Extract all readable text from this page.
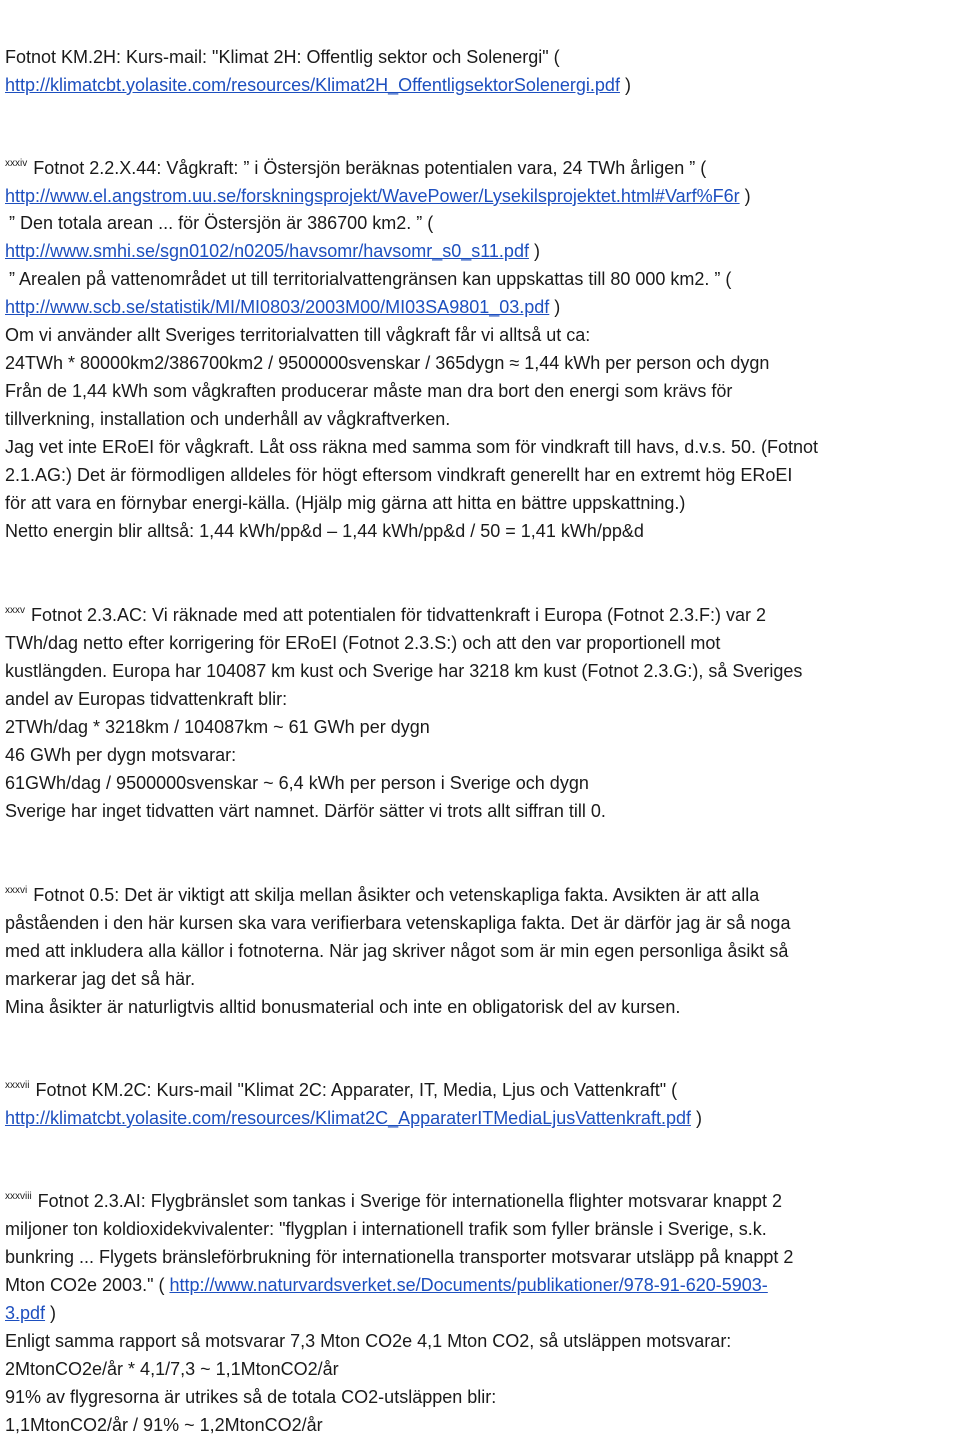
Fotnot KM.2H: Kurs-mail: "Klimat 2H: Offentlig sektor och Solenergi" (
http://klimatcbt.yolasite.com/resources/Klimat2H_OffentligsektorSolenergi.pdf )
$^{xxxiv}$ Fotnot 2.2.X.44: Vågkraft: ” i Östersjön beräknas potentialen vara, 24 TWh årligen ” (
http://www.el.angstrom.uu.se/forskningsprojekt/WavePower/Lysekilsprojektet.html#Varf%F6r )
” Den totala arean ... för Östersjön är 386700 km2. ” (
http://www.smhi.se/sgn0102/n0205/havsomr/havsomr_s0_s11.pdf )
” Arealen på vattenområdet ut till territorialvattengränsen kan uppskattas till 80 000 km2. ” (
http://www.scb.se/statistik/MI/MI0803/2003M00/MI03SA9801_03.pdf )
Om vi använder allt Sveriges territorialvatten till vågkraft får vi alltså ut ca:
24TWh * 80000km2/386700km2 / 9500000svenskar / 365dygn ≈ 1,44 kWh per person och dygn
Från de 1,44 kWh som vågkraften producerar måste man dra bort den energi som krävs för
tillverkning, installation och underhåll av vågkraftverken.
Jag vet inte ERoEI för vågkraft. Låt oss räkna med samma som för vindkraft till havs, d.v.s. 50. (Fotnot
2.1.AG:) Det är förmodligen alldeles för högt eftersom vindkraft generellt har en extremt hög ERoEI
för att vara en förnybar energi-källa. (Hjälp mig gärna att hitta en bättre uppskattning.)
Netto energin blir alltså: 1,44 kWh/pp&d – 1,44 kWh/pp&d / 50 = 1,41 kWh/pp&d
$^{xxxv}$ Fotnot 2.3.AC: Vi räknade med att potentialen för tidvattenkraft i Europa (Fotnot 2.3.F:) var 2
TWh/dag netto efter korrigering för ERoEI (Fotnot 2.3.S:) och att den var proportionell mot
kustlängden. Europa har 104087 km kust och Sverige har 3218 km kust (Fotnot 2.3.G:), så Sveriges
andel av Europas tidvattenkraft blir:
2TWh/dag * 3218km / 104087km ~ 61 GWh per dygn
46 GWh per dygn motsvarar:
61GWh/dag / 9500000svenskar ~ 6,4 kWh per person i Sverige och dygn
Sverige har inget tidvatten värt namnet. Därför sätter vi trots allt siffran till 0.
$^{xxxvi}$ Fotnot 0.5: Det är viktigt att skilja mellan åsikter och vetenskapliga fakta. Avsikten är att alla
påståenden i den här kursen ska vara verifierbara vetenskapliga fakta. Det är därför jag är så noga
med att inkludera alla källor i fotnoterna. När jag skriver något som är min egen personliga åsikt så
markerar jag det så här.
Mina åsikter är naturligtvis alltid bonusmaterial och inte en obligatorisk del av kursen.
$^{xxxvii}$ Fotnot KM.2C: Kurs-mail "Klimat 2C: Apparater, IT, Media, Ljus och Vattenkraft" (
http://klimatcbt.yolasite.com/resources/Klimat2C_ApparaterITMediaLjusVattenkraft.pdf )
$^{xxxviii}$ Fotnot 2.3.AI: Flygbränslet som tankas i Sverige för internationella flighter motsvarar knappt 2
miljoner ton koldioxidekvivalenter: "flygplan i internationell trafik som fyller bränsle i Sverige, s.k.
bunkring ... Flygets bränsleförbrukning för internationella transporter motsvarar utsläpp på knappt 2
Mton CO2e 2003." ( http://www.naturvardsverket.se/Documents/publikationer/978-91-620-5903-
3.pdf )
Enligt samma rapport så motsvarar 7,3 Mton CO2e 4,1 Mton CO2, så utsläppen motsvarar:
2MtonCO2e/år * 4,1/7,3 ~ 1,1MtonCO2/år
91% av flygresorna är utrikes så de totala CO2-utsläppen blir:
1,1MtonCO2/år / 91% ~ 1,2MtonCO2/år
